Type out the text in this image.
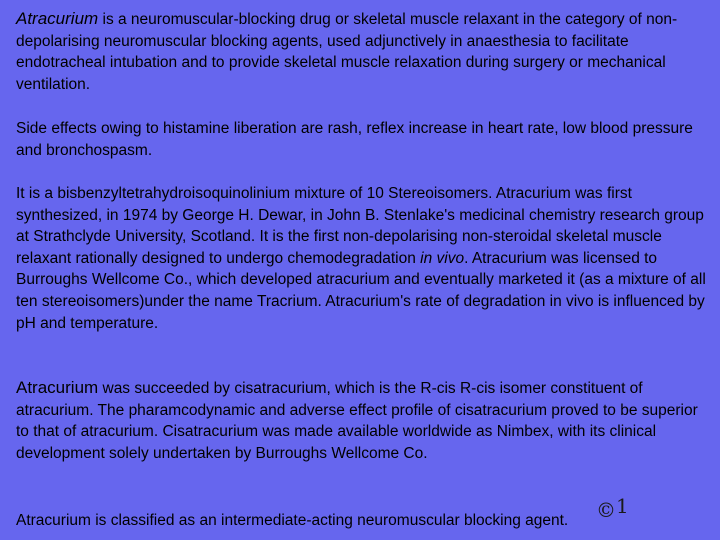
Atracurium is a neuromuscular-blocking drug or skeletal muscle relaxant in the category of non-depolarising neuromuscular blocking agents, used adjunctively in anaesthesia to facilitate endotracheal intubation and to provide skeletal muscle relaxation during surgery or mechanical ventilation.

Side effects owing to histamine liberation are rash, reflex increase in heart rate, low blood pressure and bronchospasm.

It is a bisbenzyltetrahydroisoquinolinium mixture of 10 Stereoisomers. Atracurium was first synthesized, in 1974 by George H. Dewar, in John B. Stenlake's medicinal chemistry research group at Strathclyde University, Scotland. It is the first non-depolarising non-steroidal skeletal muscle relaxant rationally designed to undergo chemodegradation in vivo. Atracurium was licensed to Burroughs Wellcome Co., which developed atracurium and eventually marketed it (as a mixture of all ten stereoisomers)under the name Tracrium. Atracurium's rate of degradation in vivo is influenced by pH and temperature.

Atracurium was succeeded by cisatracurium, which is the R-cis R-cis isomer constituent of atracurium. The pharamcodynamic and adverse effect profile of cisatracurium proved to be superior to that of atracurium. Cisatracurium was made available worldwide as Nimbex, with its clinical development solely undertaken by Burroughs Wellcome Co.

Atracurium is classified as an intermediate-acting neuromuscular blocking agent.	© 1
